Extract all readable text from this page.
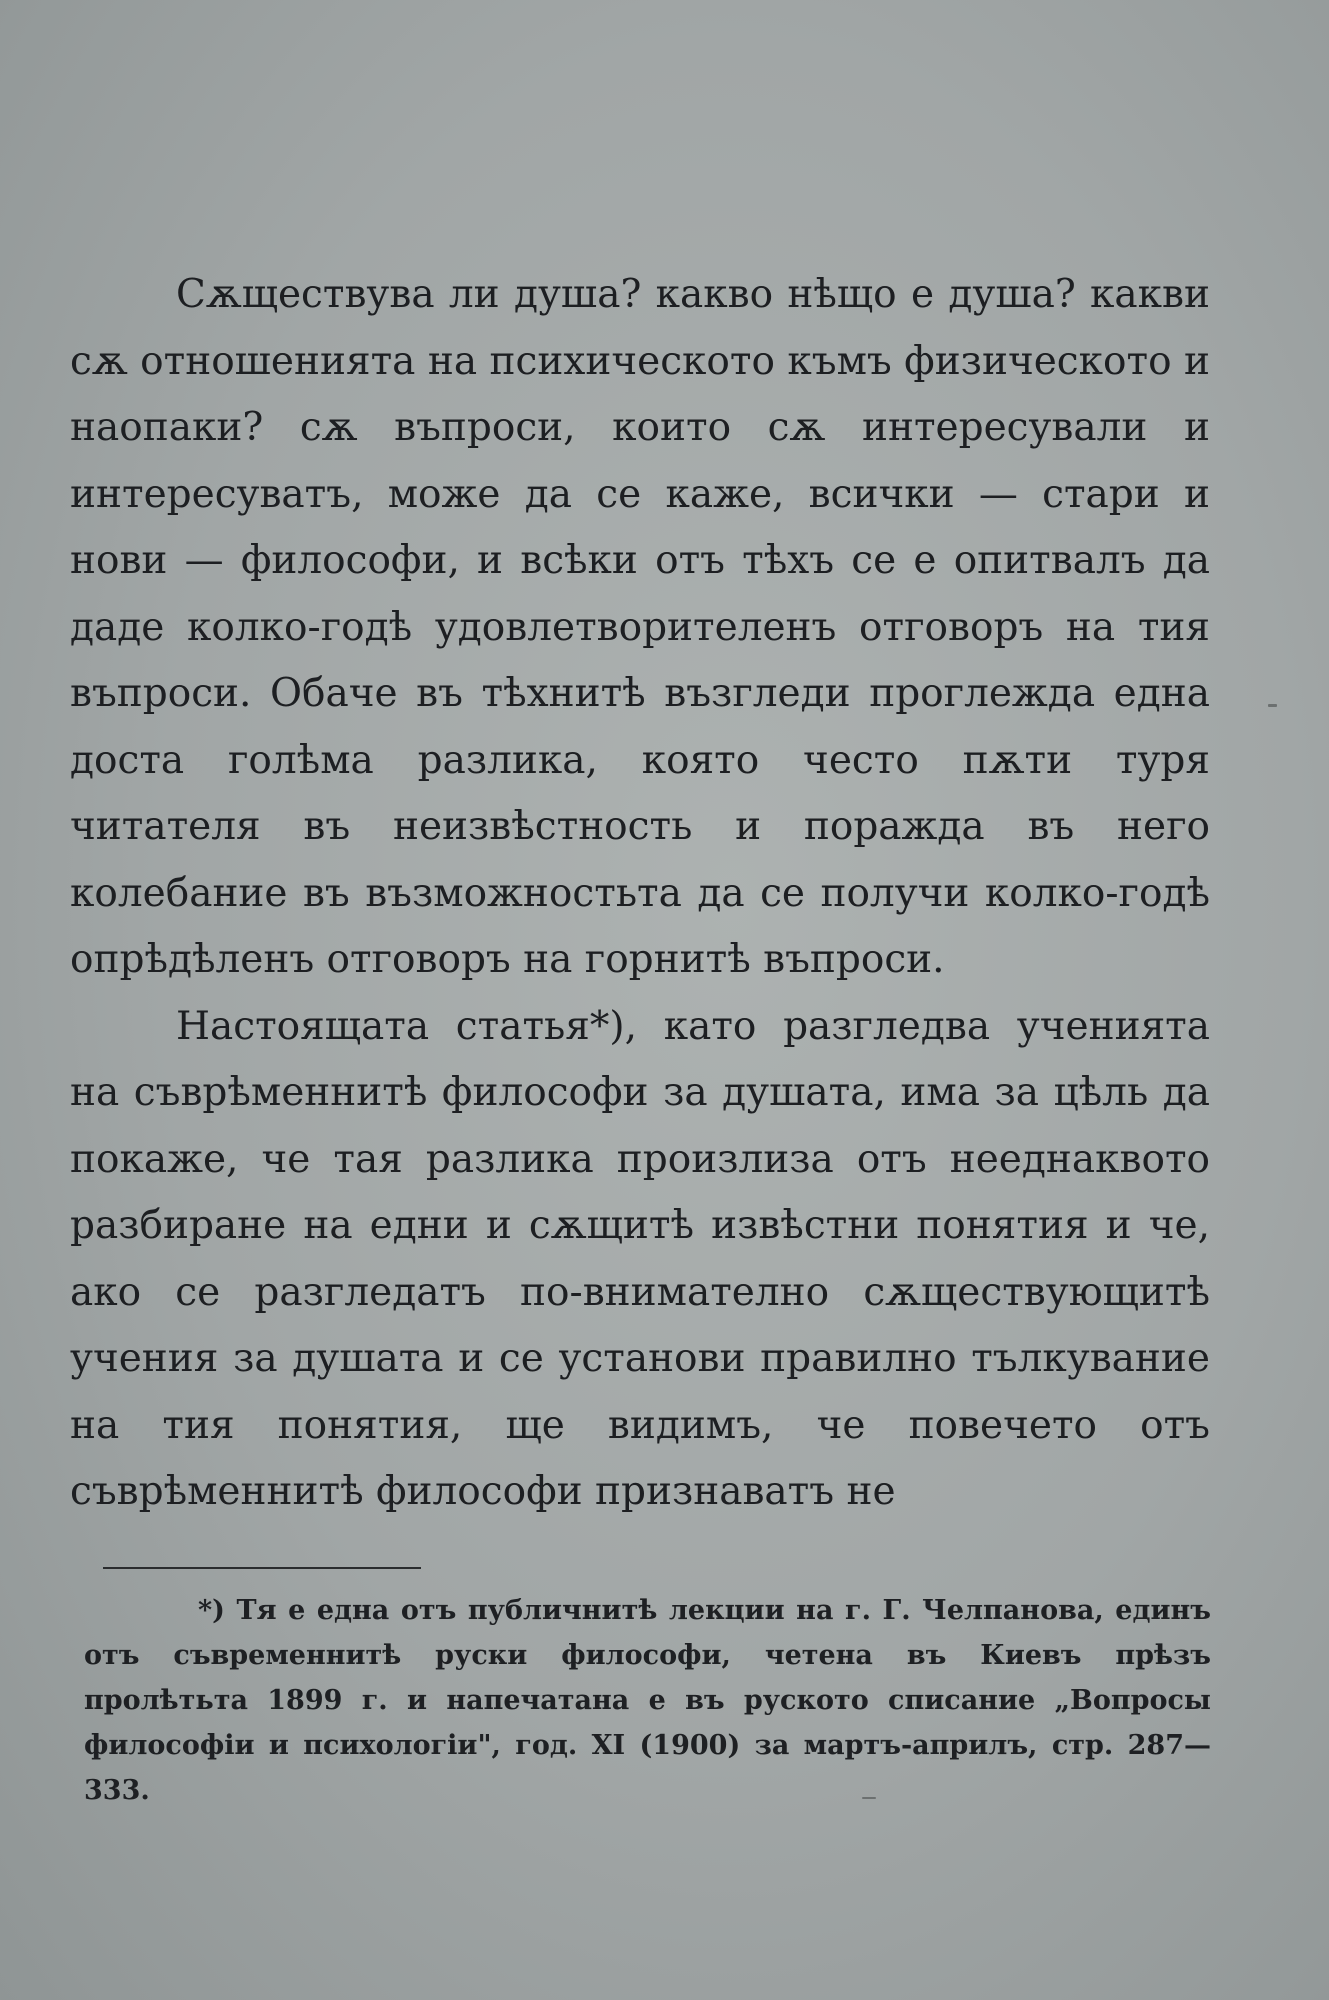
Сѫществува ли душа? какво нѣщо е душа? какви сѫ отношенията на психическото къмъ физическото и наопаки? сѫ въпроси, които сѫ интересували и интересуватъ, може да се каже, всички — стари и нови — философи, и всѣки отъ тѣхъ се е опитвалъ да даде колко-годѣ удовлетворителенъ отговоръ на тия въпроси. Обаче въ тѣхнитѣ възгледи проглежда една доста голѣма разлика, която често пѫти туря читателя въ неизвѣстность и поражда въ него колебание въ възможностьта да се получи колко-годѣ опрѣдѣленъ отговоръ на горнитѣ въпроси.

Настоящата статья*), като разгледва ученията на съврѣменнитѣ философи за душата, има за цѣль да покаже, че тая разлика произлиза отъ нееднаквото разбиране на едни и сѫщитѣ извѣстни понятия и че, ако се разгледатъ по-внимателно сѫществующитѣ учения за душата и се установи правилно тълкувание на тия понятия, ще видимъ, че повечето отъ съврѣменнитѣ философи признаватъ не

*) Тя е една отъ публичнитѣ лекции на г. Г. Челпанова, единъ отъ съвременнитѣ руски философи, четена въ Киевъ прѣзъ пролѣтьта 1899 г. и напечатана е въ руското списание „Вопросы философіи и психологіи", год. XI (1900) за мартъ-априлъ, стр. 287—333.
